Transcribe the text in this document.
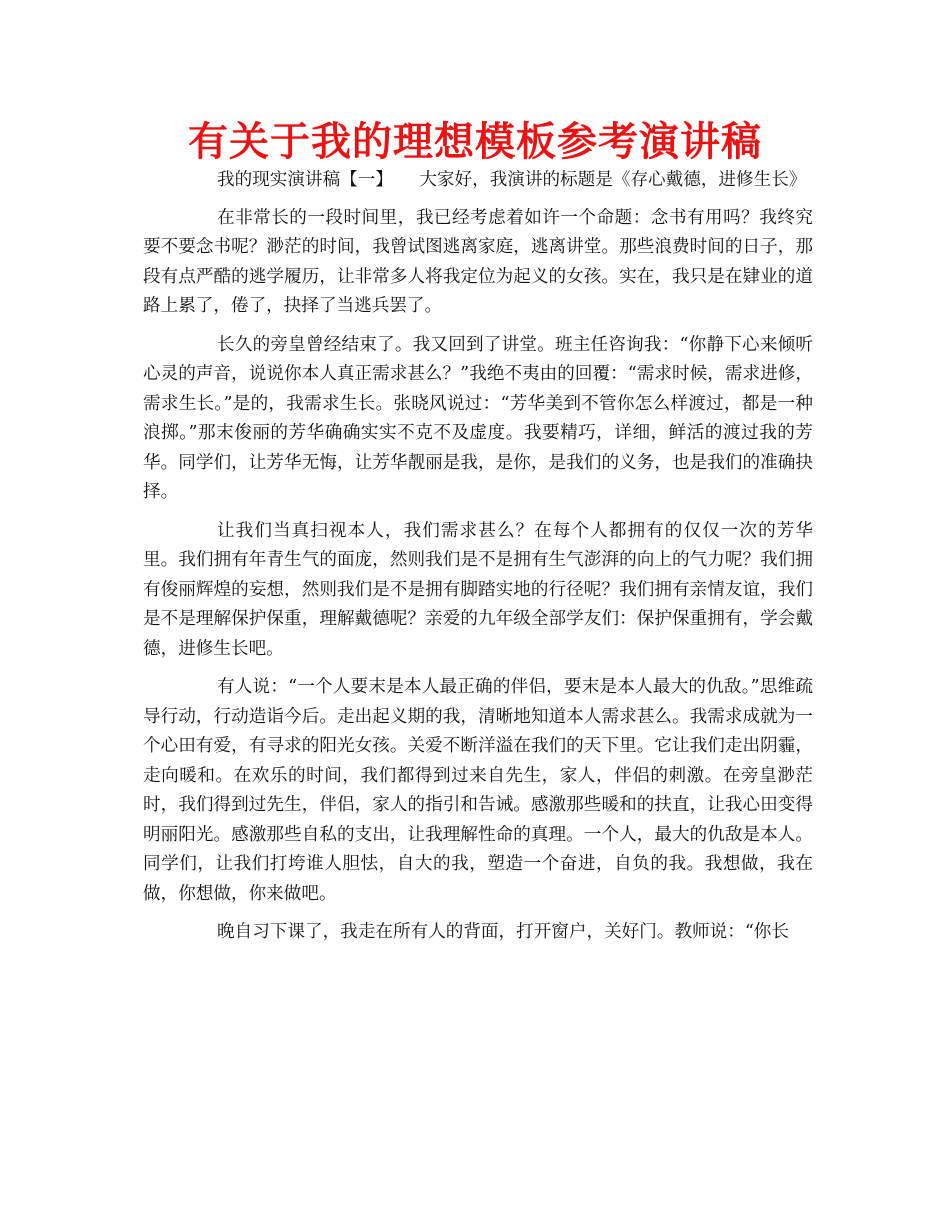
有关于我的理想模板参考演讲稿

我的现实演讲稿【一】　　大家好，我演讲的标题是《存心戴德，进修生长》

在非常长的一段时间里，我已经考虑着如许一个命题：念书有用吗？我终究要不要念书呢？渺茫的时间，我曾试图逃离家庭，逃离讲堂。那些浪费时间的日子，那段有点严酷的逃学履历，让非常多人将我定位为起义的女孩。实在，我只是在肄业的道路上累了，倦了，抉择了当逃兵罢了。

长久的旁皇曾经结束了。我又回到了讲堂。班主任咨询我：“你静下心来倾听心灵的声音，说说你本人真正需求甚么？”我绝不夷由的回覆：“需求时候，需求进修，需求生长。”是的，我需求生长。张晓风说过：“芳华美到不管你怎么样渡过，都是一种浪掷。”那末俊丽的芳华确确实实不克不及虚度。我要精巧，详细，鲜活的渡过我的芳华。同学们，让芳华无悔，让芳华靓丽是我，是你，是我们的义务，也是我们的准确抉择。

让我们当真扫视本人，我们需求甚么？在每个人都拥有的仅仅一次的芳华里。我们拥有年青生气的面庞，然则我们是不是拥有生气澎湃的向上的气力呢？我们拥有俊丽辉煌的妄想，然则我们是不是拥有脚踏实地的行径呢？我们拥有亲情友谊，我们是不是理解保护保重，理解戴德呢？亲爱的九年级全部学友们：保护保重拥有，学会戴德，进修生长吧。

有人说：“一个人要末是本人最正确的伴侣，要末是本人最大的仇敌。”思维疏导行动，行动造诣今后。走出起义期的我，清晰地知道本人需求甚么。我需求成就为一个心田有爱，有寻求的阳光女孩。关爱不断洋溢在我们的天下里。它让我们走出阴霾，走向暖和。在欢乐的时间，我们都得到过来自先生，家人，伴侣的刺激。在旁皇渺茫时，我们得到过先生，伴侣，家人的指引和告诫。感激那些暖和的扶直，让我心田变得明丽阳光。感激那些自私的支出，让我理解性命的真理。一个人，最大的仇敌是本人。同学们，让我们打垮谁人胆怯，自大的我，塑造一个奋进，自负的我。我想做，我在做，你想做，你来做吧。

晚自习下课了，我走在所有人的背面，打开窗户，关好门。教师说：“你长
